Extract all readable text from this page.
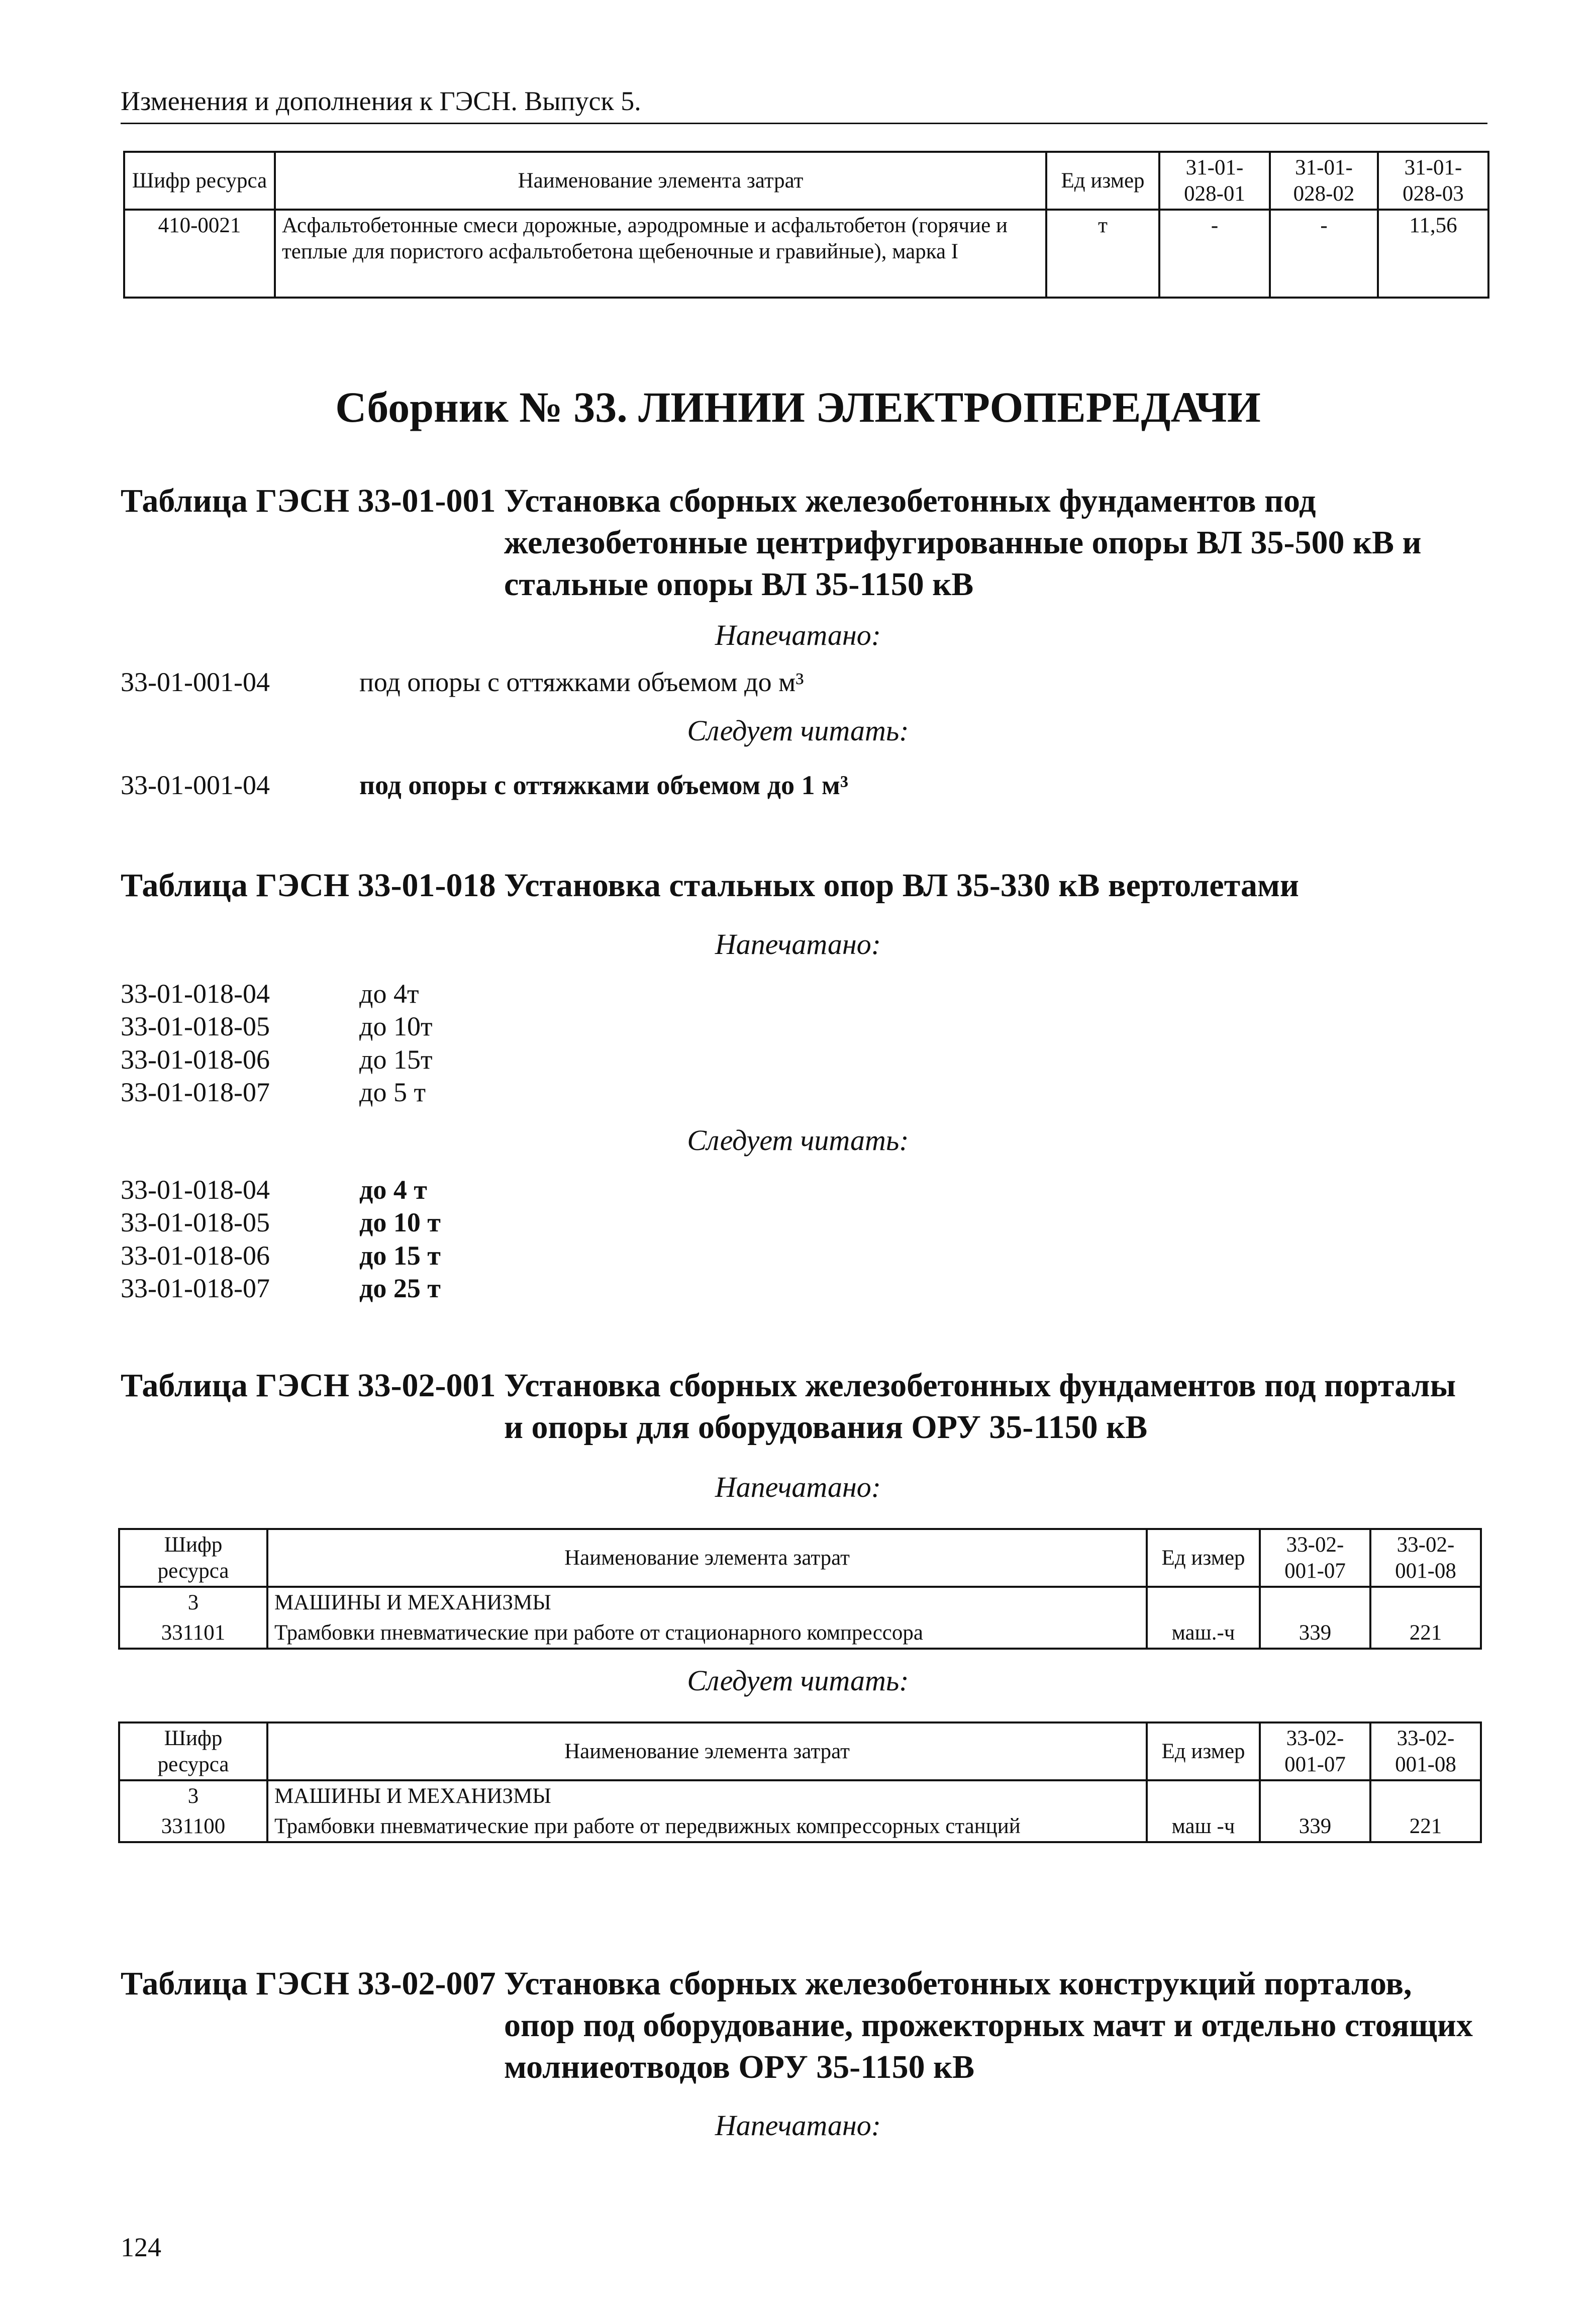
Изменения и дополнения к ГЭСН. Выпуск 5.
Шифр ресурса	Наименование элемента затрат	Ед измер	31-01-028-01	31-01-028-02	31-01-028-03
410-0021	Асфальтобетонные смеси дорожные, аэродромные и асфальтобетон (горячие и теплые для пористого асфальтобетона щебеночные и гравийные), марка I	т	-	-	11,56
Сборник № 33. ЛИНИИ ЭЛЕКТРОПЕРЕДАЧИ
Таблица ГЭСН 33-01-001 Установка сборных железобетонных фундаментов под железобетонные центрифугированные опоры ВЛ 35-500 кВ и стальные опоры ВЛ 35-1150 кВ
Напечатано:
33-01-001-04	под опоры с оттяжками объемом до м³
Следует читать:
33-01-001-04	под опоры с оттяжками объемом до 1 м³
Таблица ГЭСН 33-01-018 Установка стальных опор ВЛ 35-330 кВ вертолетами
Напечатано:
33-01-018-04	до 4т
33-01-018-05	до 10т
33-01-018-06	до 15т
33-01-018-07	до 5 т
Следует читать:
33-01-018-04	до 4 т
33-01-018-05	до 10 т
33-01-018-06	до 15 т
33-01-018-07	до 25 т
Таблица ГЭСН 33-02-001 Установка сборных железобетонных фундаментов под порталы и опоры для оборудования ОРУ 35-1150 кВ
Напечатано:
Шифр ресурса	Наименование элемента затрат	Ед измер	33-02-001-07	33-02-001-08
3	МАШИНЫ И МЕХАНИЗМЫ			
331101	Трамбовки пневматические при работе от стационарного компрессора	маш.-ч	339	221
Следует читать:
Шифр ресурса	Наименование элемента затрат	Ед измер	33-02-001-07	33-02-001-08
3	МАШИНЫ И МЕХАНИЗМЫ			
331100	Трамбовки пневматические при работе от передвижных компрессорных станций	маш -ч	339	221
Таблица ГЭСН 33-02-007 Установка сборных железобетонных конструкций порталов, опор под оборудование, прожекторных мачт и отдельно стоящих молниеотводов ОРУ 35-1150 кВ
Напечатано:
124
